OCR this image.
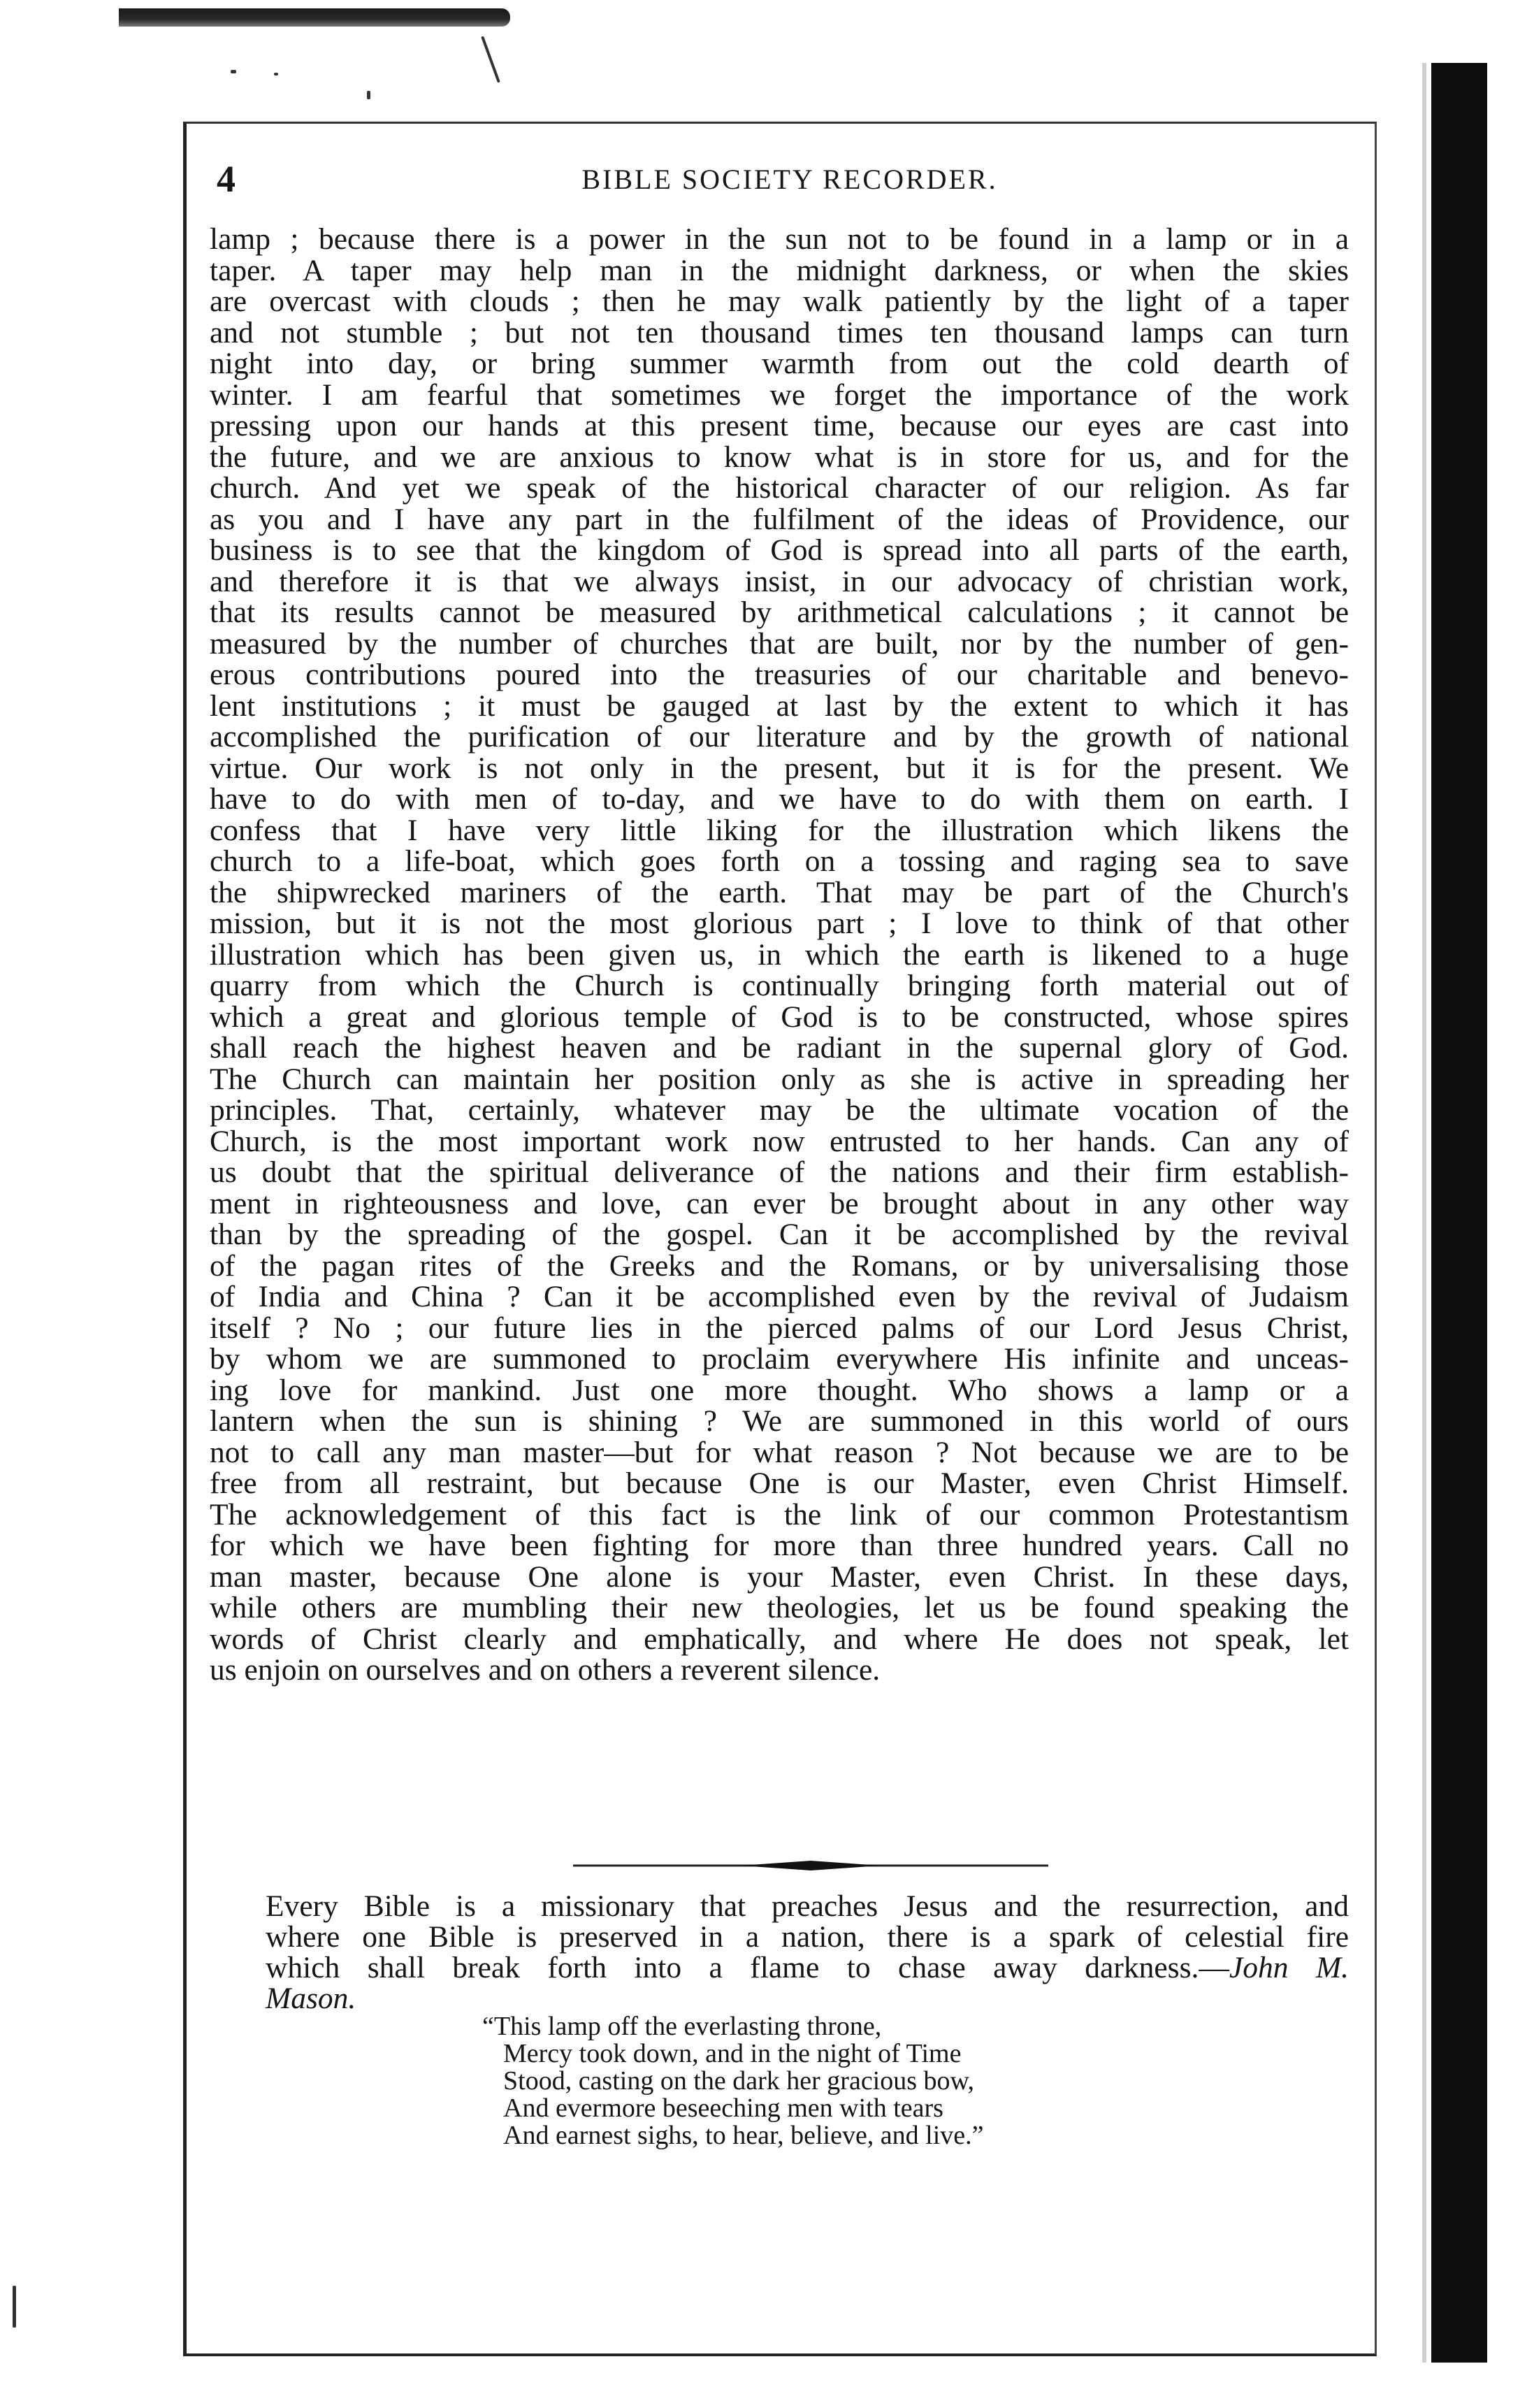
4	BIBLE SOCIETY RECORDER.
lamp ; because there is a power in the sun not to be found in a lamp or in a
taper. A taper may help man in the midnight darkness, or when the skies
are overcast with clouds ; then he may walk patiently by the light of a taper
and not stumble ; but not ten thousand times ten thousand lamps can turn
night into day, or bring summer warmth from out the cold dearth of
winter. I am fearful that sometimes we forget the importance of the work
pressing upon our hands at this present time, because our eyes are cast into
the future, and we are anxious to know what is in store for us, and for the
church. And yet we speak of the historical character of our religion. As far
as you and I have any part in the fulfilment of the ideas of Providence, our
business is to see that the kingdom of God is spread into all parts of the earth,
and therefore it is that we always insist, in our advocacy of christian work,
that its results cannot be measured by arithmetical calculations ; it cannot be
measured by the number of churches that are built, nor by the number of gen-
erous contributions poured into the treasuries of our charitable and benevo-
lent institutions ; it must be gauged at last by the extent to which it has
accomplished the purification of our literature and by the growth of national
virtue. Our work is not only in the present, but it is for the present. We
have to do with men of to-day, and we have to do with them on earth. I
confess that I have very little liking for the illustration which likens the
church to a life-boat, which goes forth on a tossing and raging sea to save
the shipwrecked mariners of the earth. That may be part of the Church's
mission, but it is not the most glorious part ; I love to think of that other
illustration which has been given us, in which the earth is likened to a huge
quarry from which the Church is continually bringing forth material out of
which a great and glorious temple of God is to be constructed, whose spires
shall reach the highest heaven and be radiant in the supernal glory of God.
The Church can maintain her position only as she is active in spreading her
principles. That, certainly, whatever may be the ultimate vocation of the
Church, is the most important work now entrusted to her hands. Can any of
us doubt that the spiritual deliverance of the nations and their firm establish-
ment in righteousness and love, can ever be brought about in any other way
than by the spreading of the gospel. Can it be accomplished by the revival
of the pagan rites of the Greeks and the Romans, or by universalising those
of India and China ? Can it be accomplished even by the revival of Judaism
itself ? No ; our future lies in the pierced palms of our Lord Jesus Christ,
by whom we are summoned to proclaim everywhere His infinite and unceas-
ing love for mankind. Just one more thought. Who shows a lamp or a
lantern when the sun is shining ? We are summoned in this world of ours
not to call any man master—but for what reason ? Not because we are to be
free from all restraint, but because One is our Master, even Christ Himself.
The acknowledgement of this fact is the link of our common Protestantism
for which we have been fighting for more than three hundred years. Call no
man master, because One alone is your Master, even Christ. In these days,
while others are mumbling their new theologies, let us be found speaking the
words of Christ clearly and emphatically, and where He does not speak, let
us enjoin on ourselves and on others a reverent silence.
Every Bible is a missionary that preaches Jesus and the resurrection, and
where one Bible is preserved in a nation, there is a spark of celestial fire
which shall break forth into a flame to chase away darkness.—John M.
Mason.
“This lamp off the everlasting throne,
Mercy took down, and in the night of Time
Stood, casting on the dark her gracious bow,
And evermore beseeching men with tears
And earnest sighs, to hear, believe, and live.”
